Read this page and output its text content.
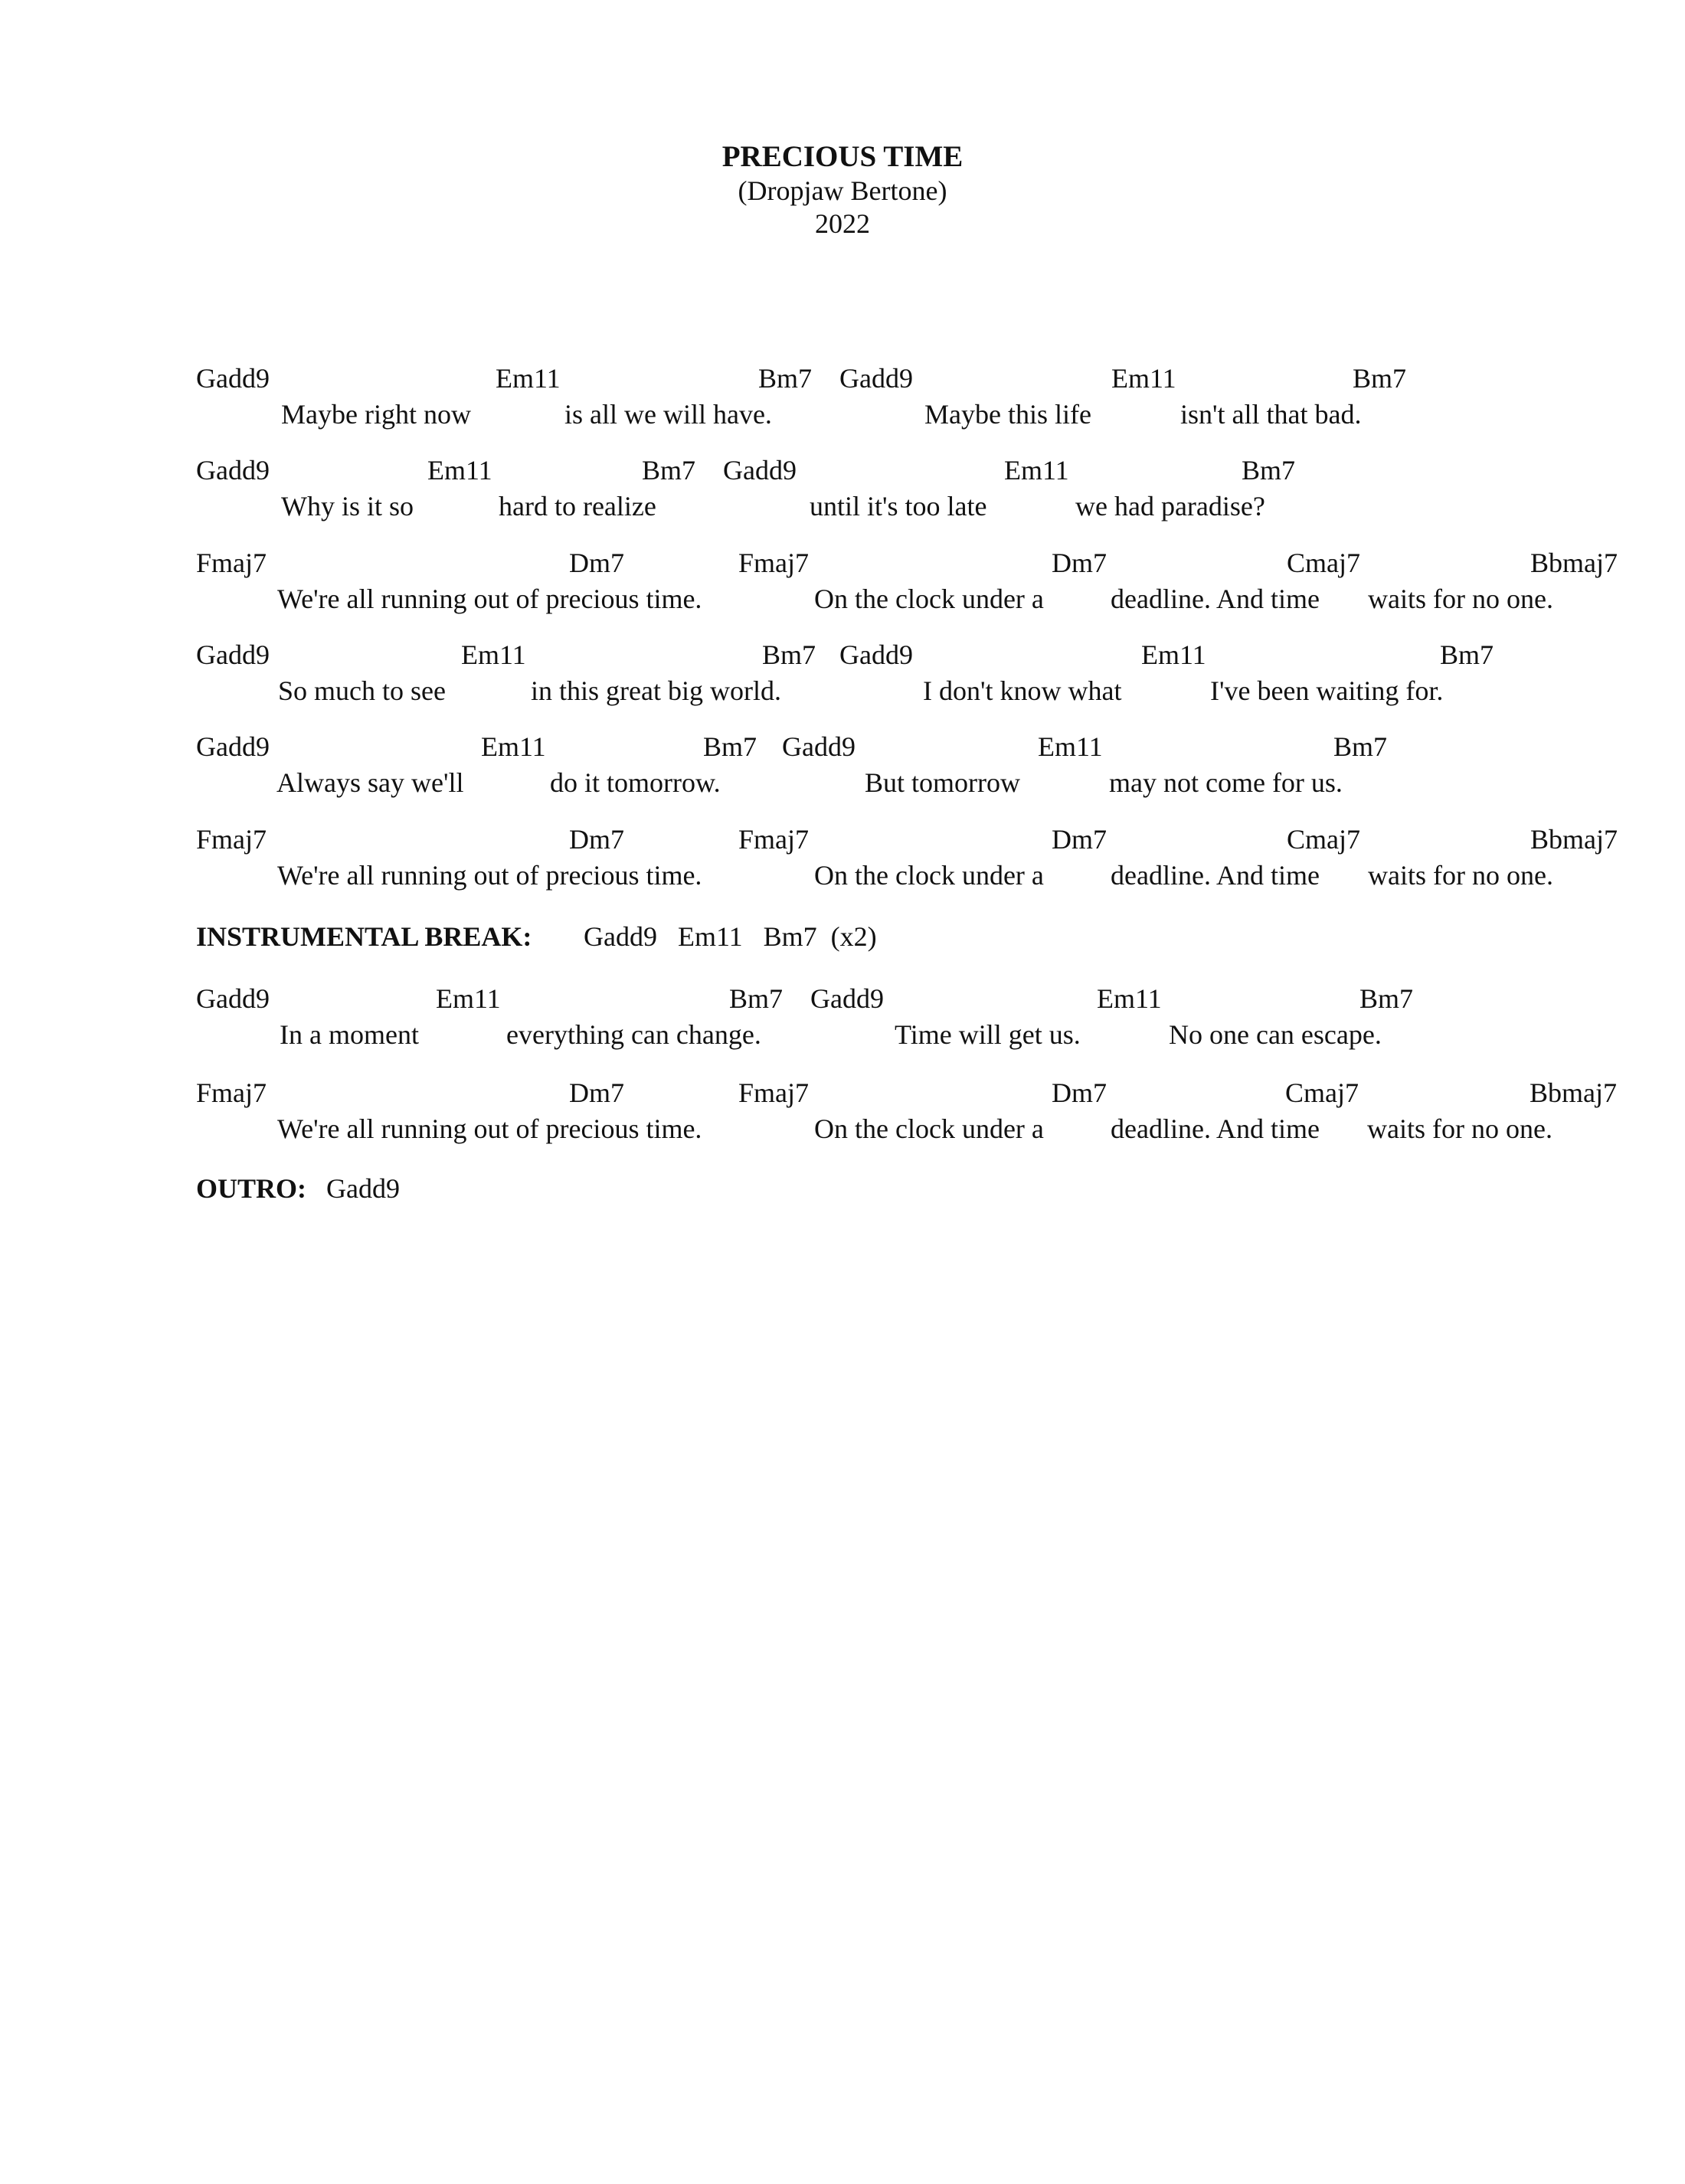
PRECIOUS TIME
(Dropjaw Bertone)
2022
Gadd9	Em11	Bm7 Gadd9	Em11	Bm7
Maybe right now	is all we will have.	Maybe this life	isn't all that bad.
Gadd9	Em11	Bm7 Gadd9	Em11	Bm7
Why is it so	hard to realize	until it's too late	we had paradise?
Fmaj7	Dm7	Fmaj7	Dm7	Cmaj7	Bbmaj7
We're all running out of precious time.	On the clock under a deadline. And time waits for no one.
Gadd9	Em11	Bm7 Gadd9	Em11	Bm7
So much to see	in this great big world.	I don't know what	I've been waiting for.
Gadd9	Em11	Bm7 Gadd9	Em11	Bm7
Always say we'll	do it tomorrow.	But tomorrow	may not come for us.
Fmaj7	Dm7	Fmaj7	Dm7	Cmaj7	Bbmaj7
We're all running out of precious time.	On the clock under a deadline. And time waits for no one.
INSTRUMENTAL BREAK: Gadd9   Em11   Bm7  (x2)
Gadd9	Em11	Bm7 Gadd9	Em11	Bm7
In a moment	everything can change.	Time will get us.	No one can escape.
Fmaj7	Dm7	Fmaj7	Dm7	Cmaj7	Bbmaj7
We're all running out of precious time.	On the clock under a deadline. And time waits for no one.
OUTRO: Gadd9
